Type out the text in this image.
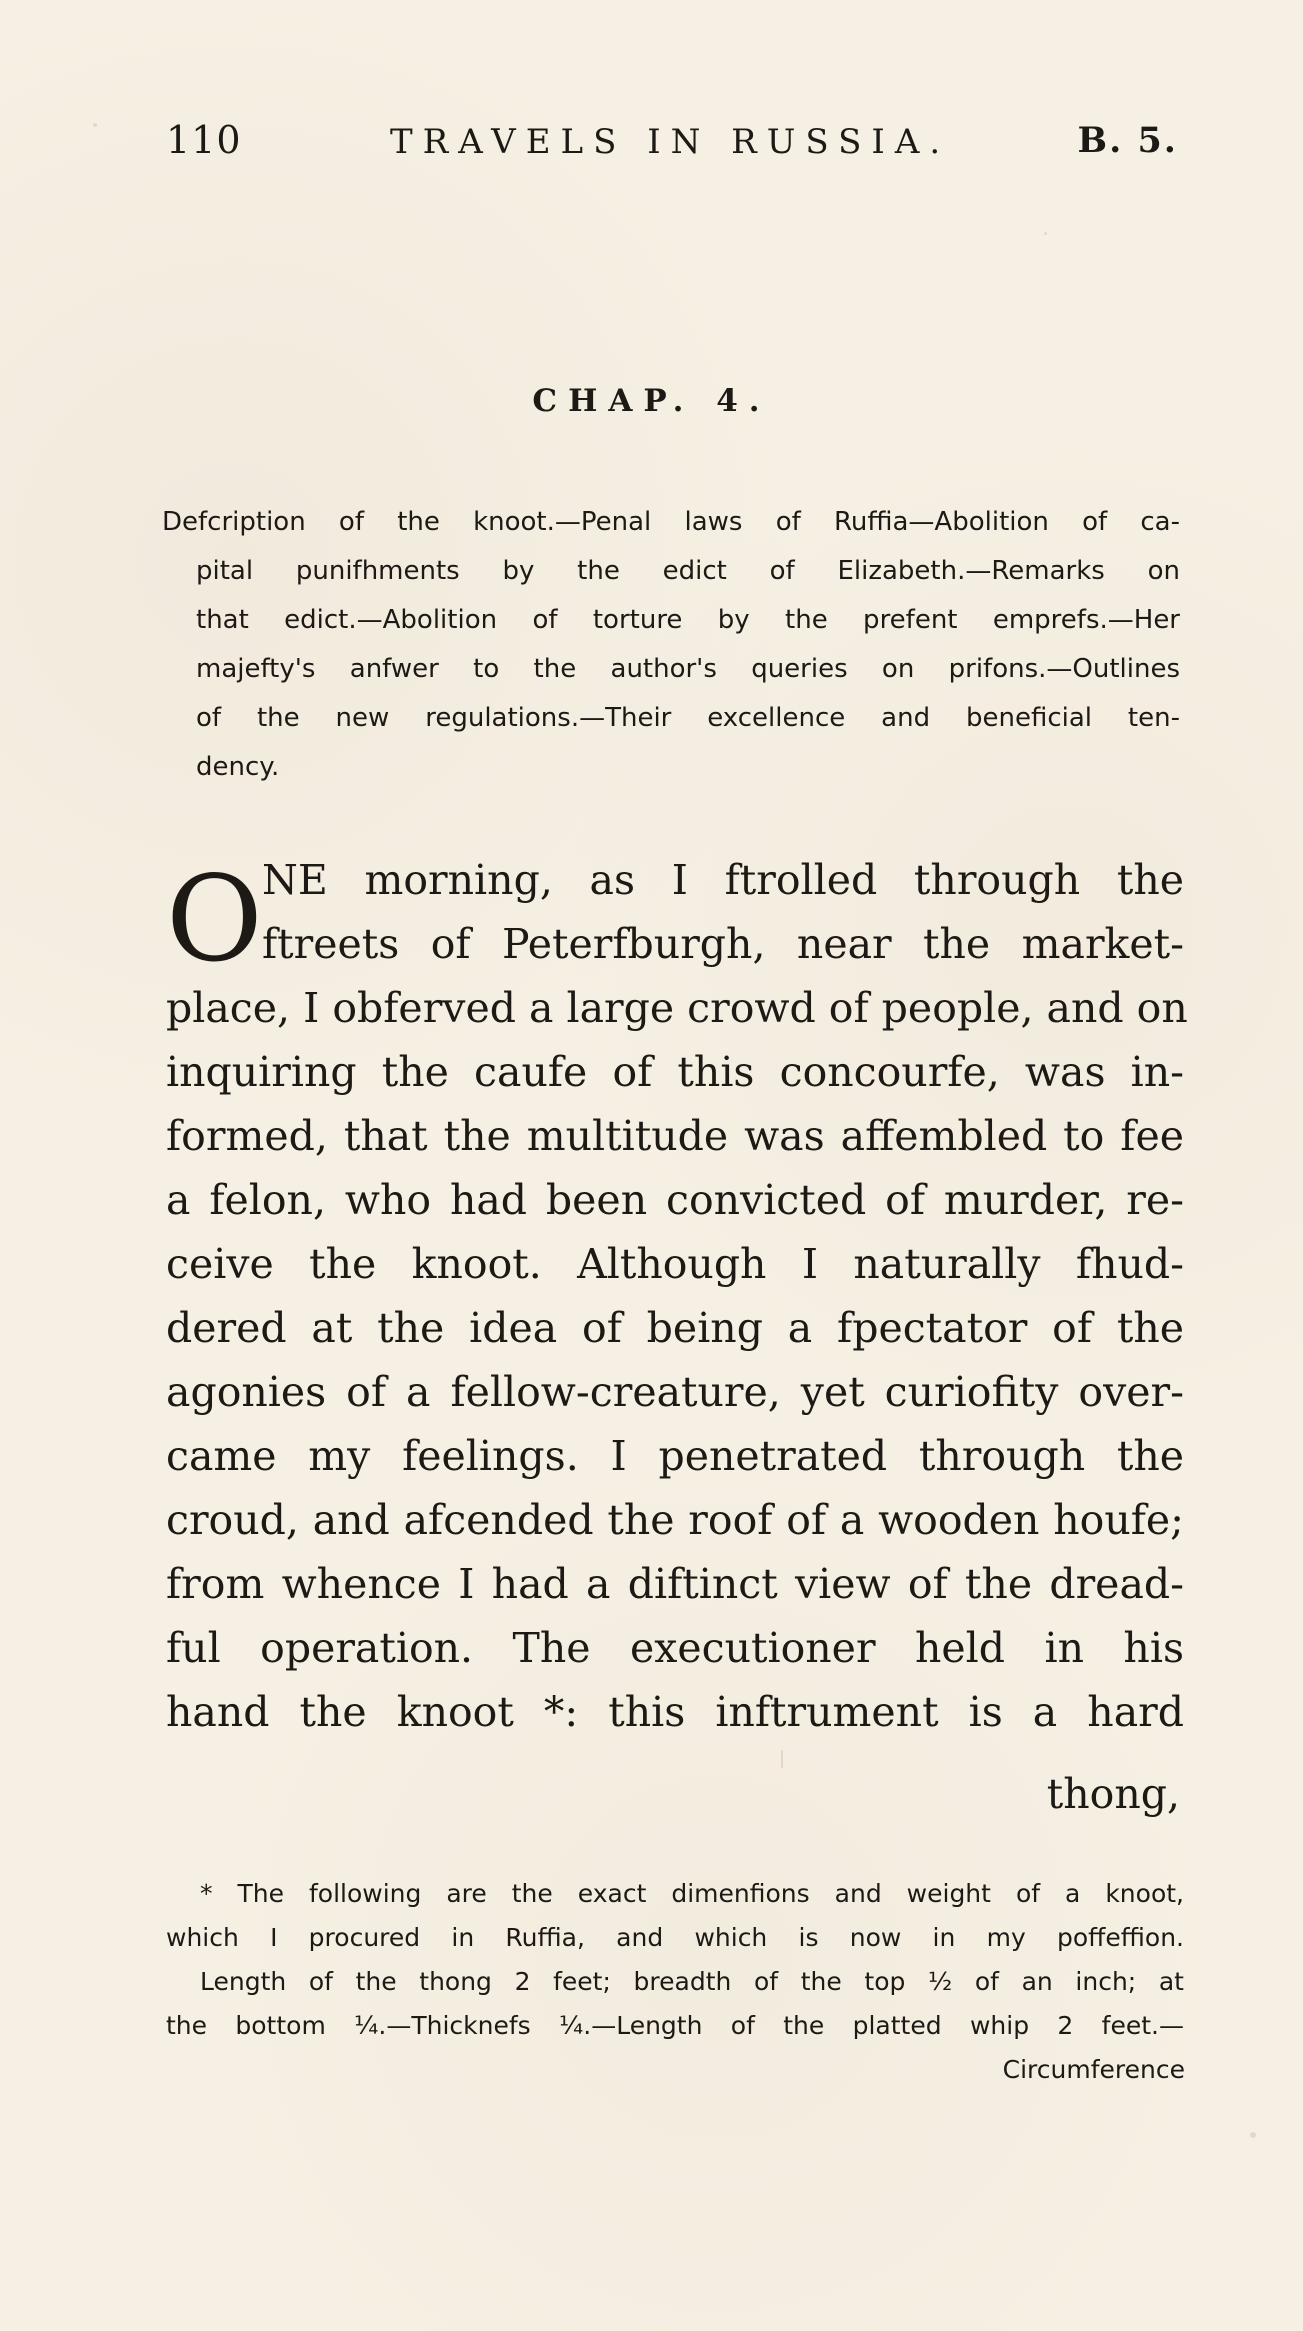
110	TRAVELS IN RUSSIA.	B. 5.
CHAP. 4.
Defcription of the knoot.—Penal laws of Ruffia—Abolition of ca-
pital punifhments by the edict of Elizabeth.—Remarks on
that edict.—Abolition of torture by the prefent emprefs.—Her
majefty's anfwer to the author's queries on prifons.—Outlines
of the new regulations.—Their excellence and beneficial ten-
dency.
O NE morning, as I ftrolled through the
ftreets of Peterfburgh, near the market-
place, I obferved a large crowd of people, and on
inquiring the caufe of this concourfe, was in-
formed, that the multitude was affembled to fee
a felon, who had been convicted of murder, re-
ceive the knoot. Although I naturally fhud-
dered at the idea of being a fpectator of the
agonies of a fellow-creature, yet curiofity over-
came my feelings. I penetrated through the
croud, and afcended the roof of a wooden houfe;
from whence I had a diftinct view of the dread-
ful operation. The executioner held in his
hand the knoot *: this inftrument is a hard
thong,
* The following are the exact dimenfions and weight of a knoot,
which I procured in Ruffia, and which is now in my poffeffion.
Length of the thong 2 feet; breadth of the top ½ of an inch; at
the bottom ¼.—Thicknefs ¼.—Length of the platted whip 2 feet.—
Circumference
